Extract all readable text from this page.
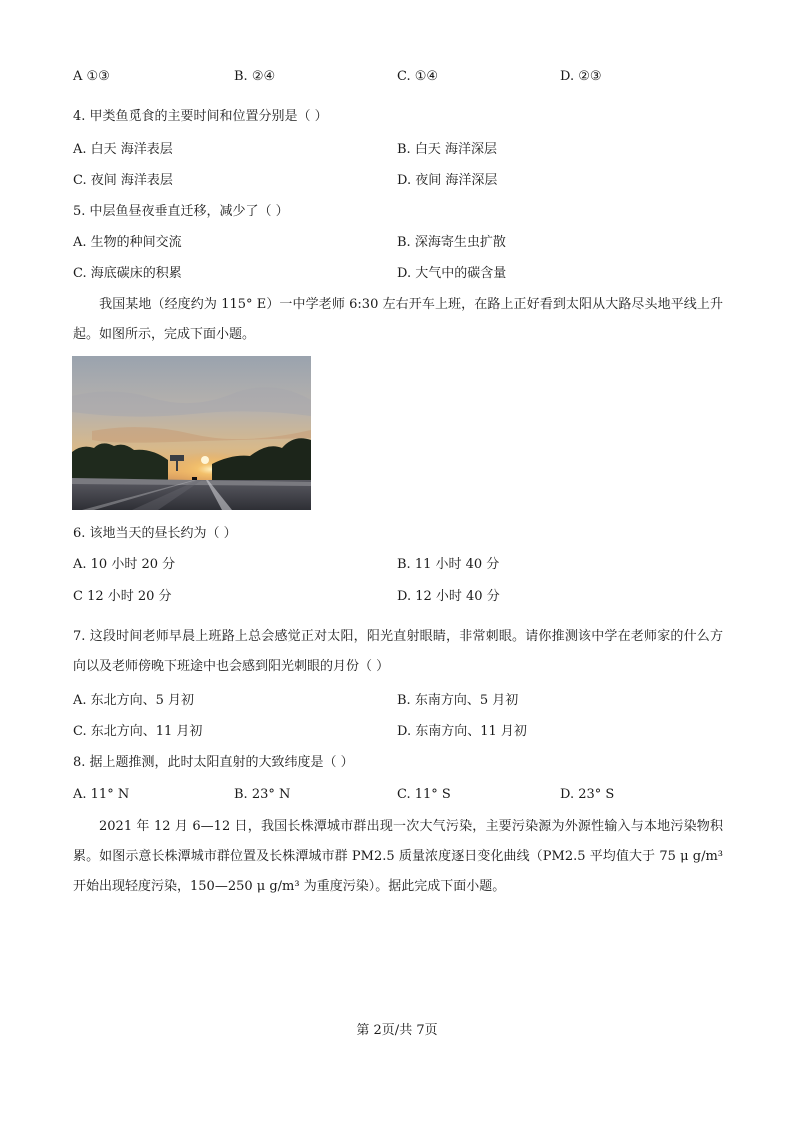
A ①③	B. ②④	C. ①④	D. ②③
4. 甲类鱼觅食的主要时间和位置分别是（ ）
A. 白天 海洋表层	B. 白天 海洋深层
C. 夜间 海洋表层	D. 夜间 海洋深层
5. 中层鱼昼夜垂直迁移，减少了（ ）
A. 生物的种间交流	B. 深海寄生虫扩散
C. 海底碳床的积累	D. 大气中的碳含量
我国某地（经度约为 115° E）一中学老师 6:30 左右开车上班，在路上正好看到太阳从大路尽头地平线上升起。如图所示，完成下面小题。
6. 该地当天的昼长约为（ ）
A. 10 小时 20 分	B. 11 小时 40 分
C 12 小时 20 分	D. 12 小时 40 分
7. 这段时间老师早晨上班路上总会感觉正对太阳，阳光直射眼睛，非常刺眼。请你推测该中学在老师家的什么方向以及老师傍晚下班途中也会感到阳光刺眼的月份（ ）
A. 东北方向、5 月初	B. 东南方向、5 月初
C. 东北方向、11 月初	D. 东南方向、11 月初
8. 据上题推测，此时太阳直射的大致纬度是（ ）
A. 11° N	B. 23° N	C. 11° S	D. 23° S
2021 年 12 月 6—12 日，我国长株潭城市群出现一次大气污染，主要污染源为外源性输入与本地污染物积累。如图示意长株潭城市群位置及长株潭城市群 PM2.5 质量浓度逐日变化曲线（PM2.5 平均值大于 75 μ g/m³ 开始出现轻度污染，150—250 μ g/m³ 为重度污染）。据此完成下面小题。
第 2页/共 7页
